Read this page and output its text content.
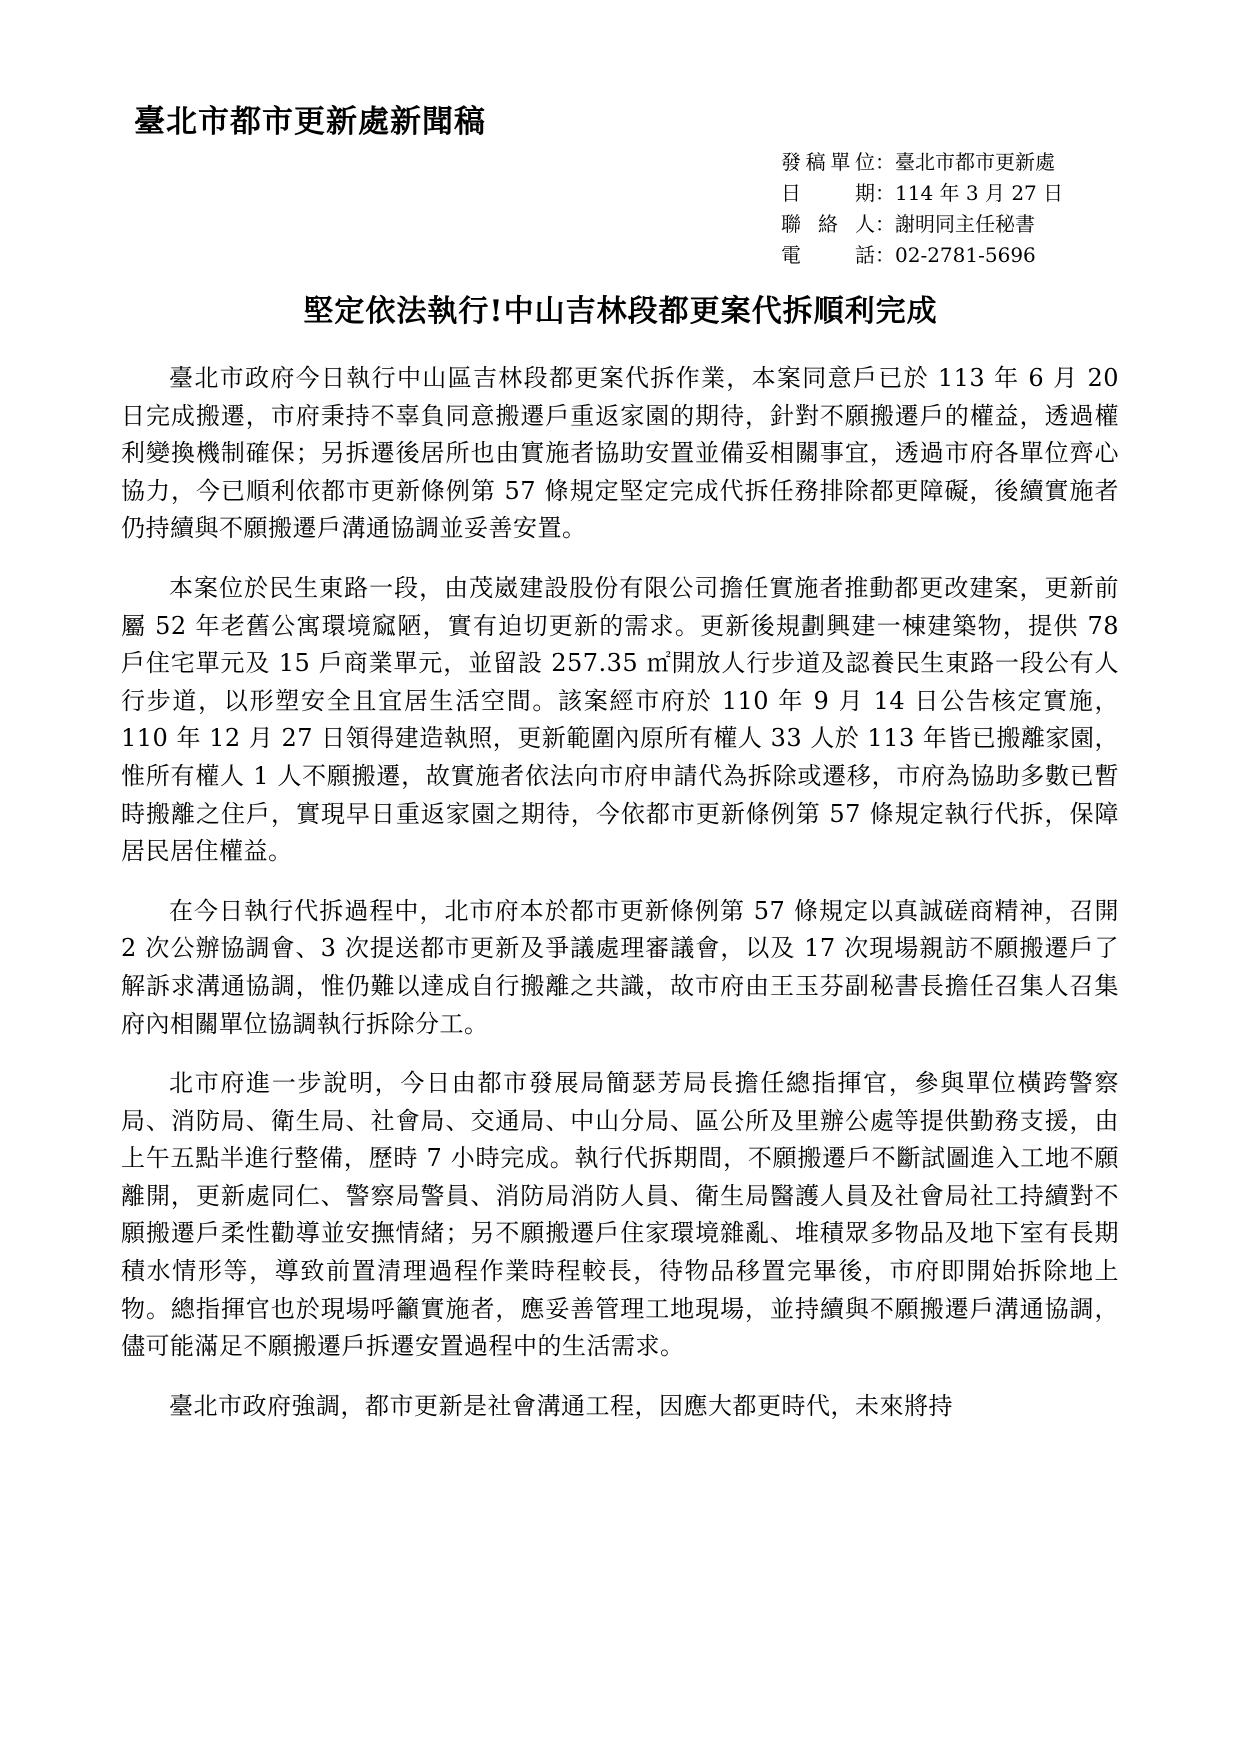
臺北市都市更新處新聞稿
發 稿 單 位 ： 臺北市都市更新處
日	期 ： 114 年 3 月 27 日
聯 絡 人 ： 謝明同主任秘書
電	話 ： 02-2781-5696
堅定依法執行!中山吉林段都更案代拆順利完成

臺北市政府今日執行中山區吉林段都更案代拆作業，本案同意戶已於 113 年 6 月 20 日完成搬遷，市府秉持不辜負同意搬遷戶重返家園的期待，針對不願搬遷戶的權益，透過權利變換機制確保；另拆遷後居所也由實施者協助安置並備妥相關事宜，透過市府各單位齊心協力，今已順利依都市更新條例第 57 條規定堅定完成代拆任務排除都更障礙，後續實施者仍持續與不願搬遷戶溝通協調並妥善安置。

本案位於民生東路一段，由茂崴建設股份有限公司擔任實施者推動都更改建案，更新前屬 52 年老舊公寓環境窳陋，實有迫切更新的需求。更新後規劃興建一棟建築物，提供 78 戶住宅單元及 15 戶商業單元，並留設 257.35 ㎡開放人行步道及認養民生東路一段公有人行步道，以形塑安全且宜居生活空間。該案經市府於 110 年 9 月 14 日公告核定實施，110 年 12 月 27 日領得建造執照，更新範圍內原所有權人 33 人於 113 年皆已搬離家園，惟所有權人 1 人不願搬遷，故實施者依法向市府申請代為拆除或遷移，市府為協助多數已暫時搬離之住戶，實現早日重返家園之期待，今依都市更新條例第 57 條規定執行代拆，保障居民居住權益。

在今日執行代拆過程中，北市府本於都市更新條例第 57 條規定以真誠磋商精神，召開 2 次公辦協調會、3 次提送都市更新及爭議處理審議會，以及 17 次現場親訪不願搬遷戶了解訴求溝通協調，惟仍難以達成自行搬離之共識，故市府由王玉芬副秘書長擔任召集人召集府內相關單位協調執行拆除分工。

北市府進一步說明，今日由都市發展局簡瑟芳局長擔任總指揮官，參與單位橫跨警察局、消防局、衛生局、社會局、交通局、中山分局、區公所及里辦公處等提供勤務支援，由上午五點半進行整備，歷時 7 小時完成。執行代拆期間，不願搬遷戶不斷試圖進入工地不願離開，更新處同仁、警察局警員、消防局消防人員、衛生局醫護人員及社會局社工持續對不願搬遷戶柔性勸導並安撫情緒；另不願搬遷戶住家環境雜亂、堆積眾多物品及地下室有長期積水情形等，導致前置清理過程作業時程較長，待物品移置完畢後，市府即開始拆除地上物。總指揮官也於現場呼籲實施者，應妥善管理工地現場，並持續與不願搬遷戶溝通協調，儘可能滿足不願搬遷戶拆遷安置過程中的生活需求。

臺北市政府強調，都市更新是社會溝通工程，因應大都更時代，未來將持
